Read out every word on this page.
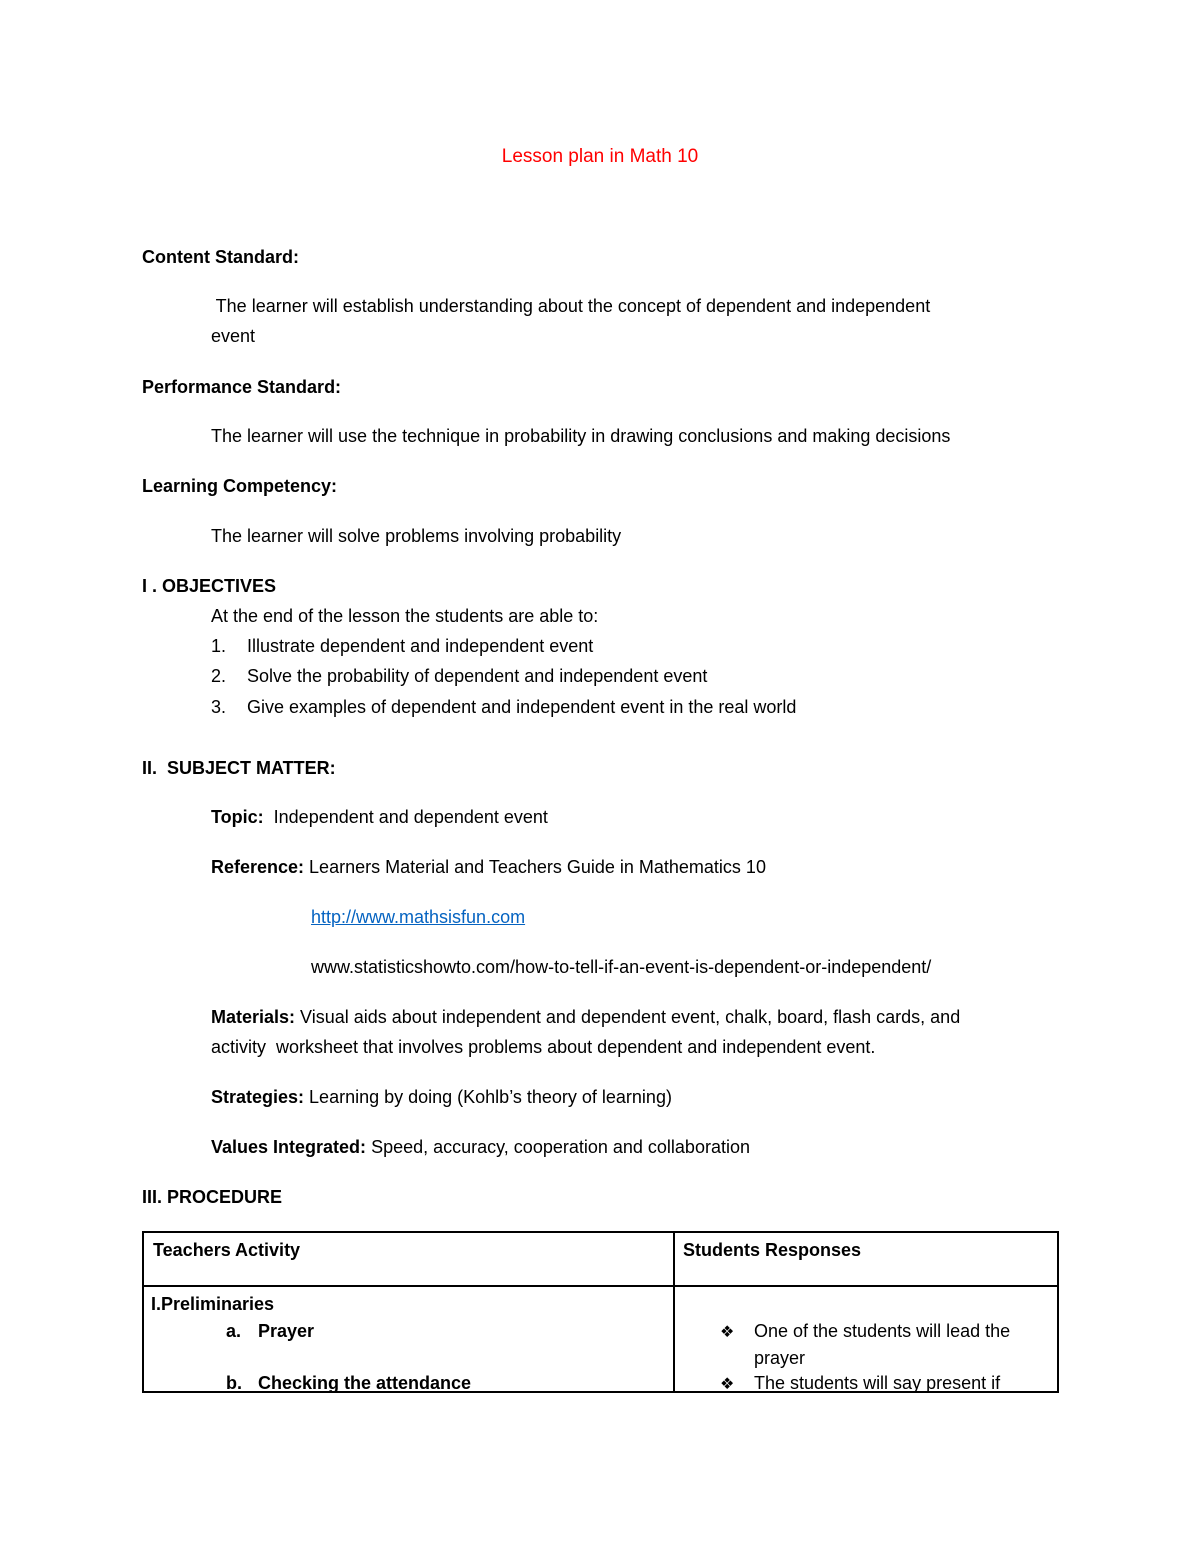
Lesson plan in Math 10
Content Standard:
The learner will establish understanding about the concept of dependent and independent
event
Performance Standard:
The learner will use the technique in probability in drawing conclusions and making decisions
Learning Competency:
The learner will solve problems involving probability
I . OBJECTIVES
At the end of the lesson the students are able to:
1. Illustrate dependent and independent event
2. Solve the probability of dependent and independent event
3. Give examples of dependent and independent event in the real world
II.  SUBJECT MATTER:
Topic:  Independent and dependent event
Reference: Learners Material and Teachers Guide in Mathematics 10
http://www.mathsisfun.com
www.statisticshowto.com/how-to-tell-if-an-event-is-dependent-or-independent/
Materials: Visual aids about independent and dependent event, chalk, board, flash cards, and
activity  worksheet that involves problems about dependent and independent event.
Strategies: Learning by doing (Kohlb’s theory of learning)
Values Integrated: Speed, accuracy, cooperation and collaboration
III. PROCEDURE
Teachers Activity	Students Responses
I.Preliminaries
a. Prayer
b. Checking the attendance
❖ One of the students will lead the
prayer
❖ The students will say present if
